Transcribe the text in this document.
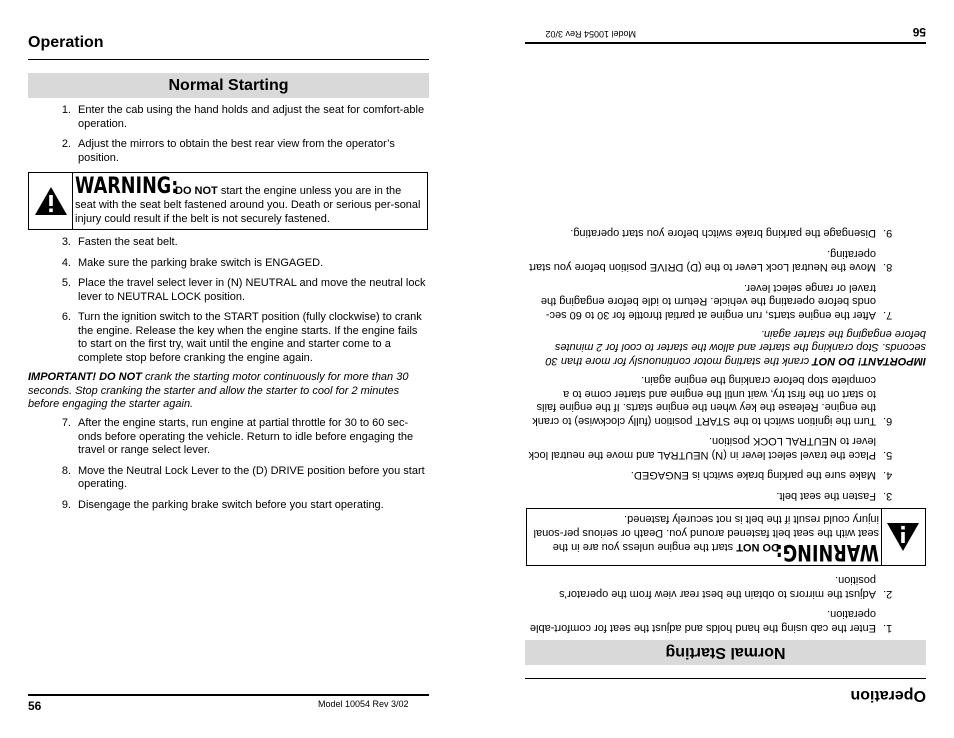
Operation
Normal Starting
1. Enter the cab using the hand holds and adjust the seat for comfort-able operation.
2. Adjust the mirrors to obtain the best rear view from the operator’s position.
WARNING:DO NOT start the engine unless you are in the seat with the seat belt fastened around you. Death or serious per-sonal injury could result if the belt is not securely fastened.
3. Fasten the seat belt.
4. Make sure the parking brake switch is ENGAGED.
5. Place the travel select lever in (N) NEUTRAL and move the neutral lock lever to NEUTRAL LOCK position.
6. Turn the ignition switch to the START position (fully clockwise) to crank the engine. Release the key when the engine starts. If the engine fails to start on the first try, wait until the engine and starter come to a complete stop before cranking the engine again.
IMPORTANT! DO NOT crank the starting motor continuously for more than 30 seconds. Stop cranking the starter and allow the starter to cool for 2 minutes before engaging the starter again.
7. After the engine starts, run engine at partial throttle for 30 to 60 sec-onds before operating the vehicle. Return to idle before engaging the travel or range select lever.
8. Move the Neutral Lock Lever to the (D) DRIVE position before you start operating.
9. Disengage the parking brake switch before you start operating.
56	Model 10054 Rev 3/02	Operation
Normal Starting
1.
Enter the cab using the hand holds and adjust the seat for comfort-able operation.
2.
Adjust the mirrors to obtain the best rear view from the operator’s position.
WARNING:DO NOT start the engine unless you are in the seat with the seat belt fastened around you. Death or serious per-sonal injury could result if the belt is not securely fastened.
3.
Fasten the seat belt.
4.
Make sure the parking brake switch is ENGAGED.
5.
Place the travel select lever in (N) NEUTRAL and move the neutral lock lever to NEUTRAL LOCK position.
6.
Turn the ignition switch to the START position (fully clockwise) to crank the engine. Release the key when the engine starts. If the engine fails to start on the first try, wait until the engine and starter come to a complete stop before cranking the engine again.
IMPORTANT! DO NOT crank the starting motor continuously for more than 30 seconds. Stop cranking the starter and allow the starter to cool for 2 minutes before engaging the starter again.
7.
After the engine starts, run engine at partial throttle for 30 to 60 sec-onds before operating the vehicle. Return to idle before engaging the travel or range select lever.
8.
Move the Neutral Lock Lever to the (D) DRIVE position before you start operating.
9.
Disengage the parking brake switch before you start operating.
56
Model 10054 Rev 3/02
